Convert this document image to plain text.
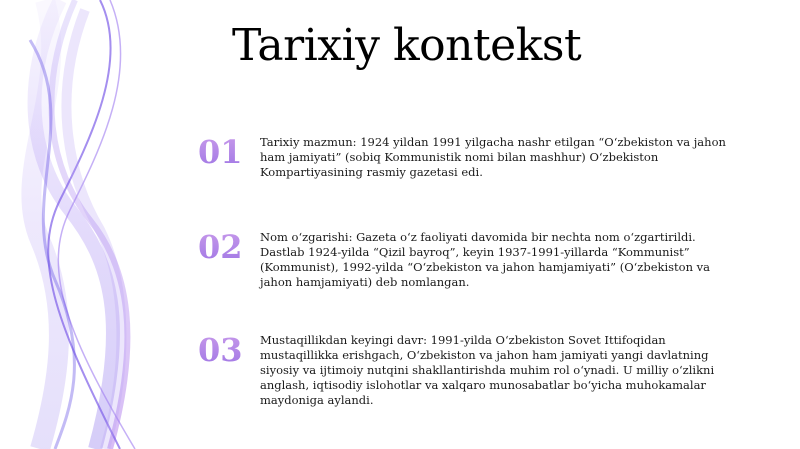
Tarixiy kontekst
01 Tarixiy mazmun: 1924 yildan 1991 yilgacha nashr etilgan “O‘zbekiston va jahon ham jamiyati” (sobiq Kommunistik nomi bilan mashhur) O‘zbekiston Kompartiyasining rasmiy gazetasi edi.
02 Nom o‘zgarishi: Gazeta o‘z faoliyati davomida bir nechta nom o‘zgartirildi. Dastlab 1924-yilda “Qizil bayroq”, keyin 1937-1991-yillarda “Kommunist” (Kommunist), 1992-yilda “O‘zbekiston va jahon hamjamiyati” (O‘zbekiston va jahon hamjamiyati) deb nomlangan.
03 Mustaqillikdan keyingi davr: 1991-yilda O‘zbekiston Sovet Ittifoqidan mustaqillikka erishgach, O‘zbekiston va jahon ham jamiyati yangi davlatning siyosiy va ijtimoiy nutqini shakllantirishda muhim rol o‘ynadi. U milliy o‘zlikni anglash, iqtisodiy islohotlar va xalqaro munosabatlar bo‘yicha muhokamalar maydoniga aylandi.
